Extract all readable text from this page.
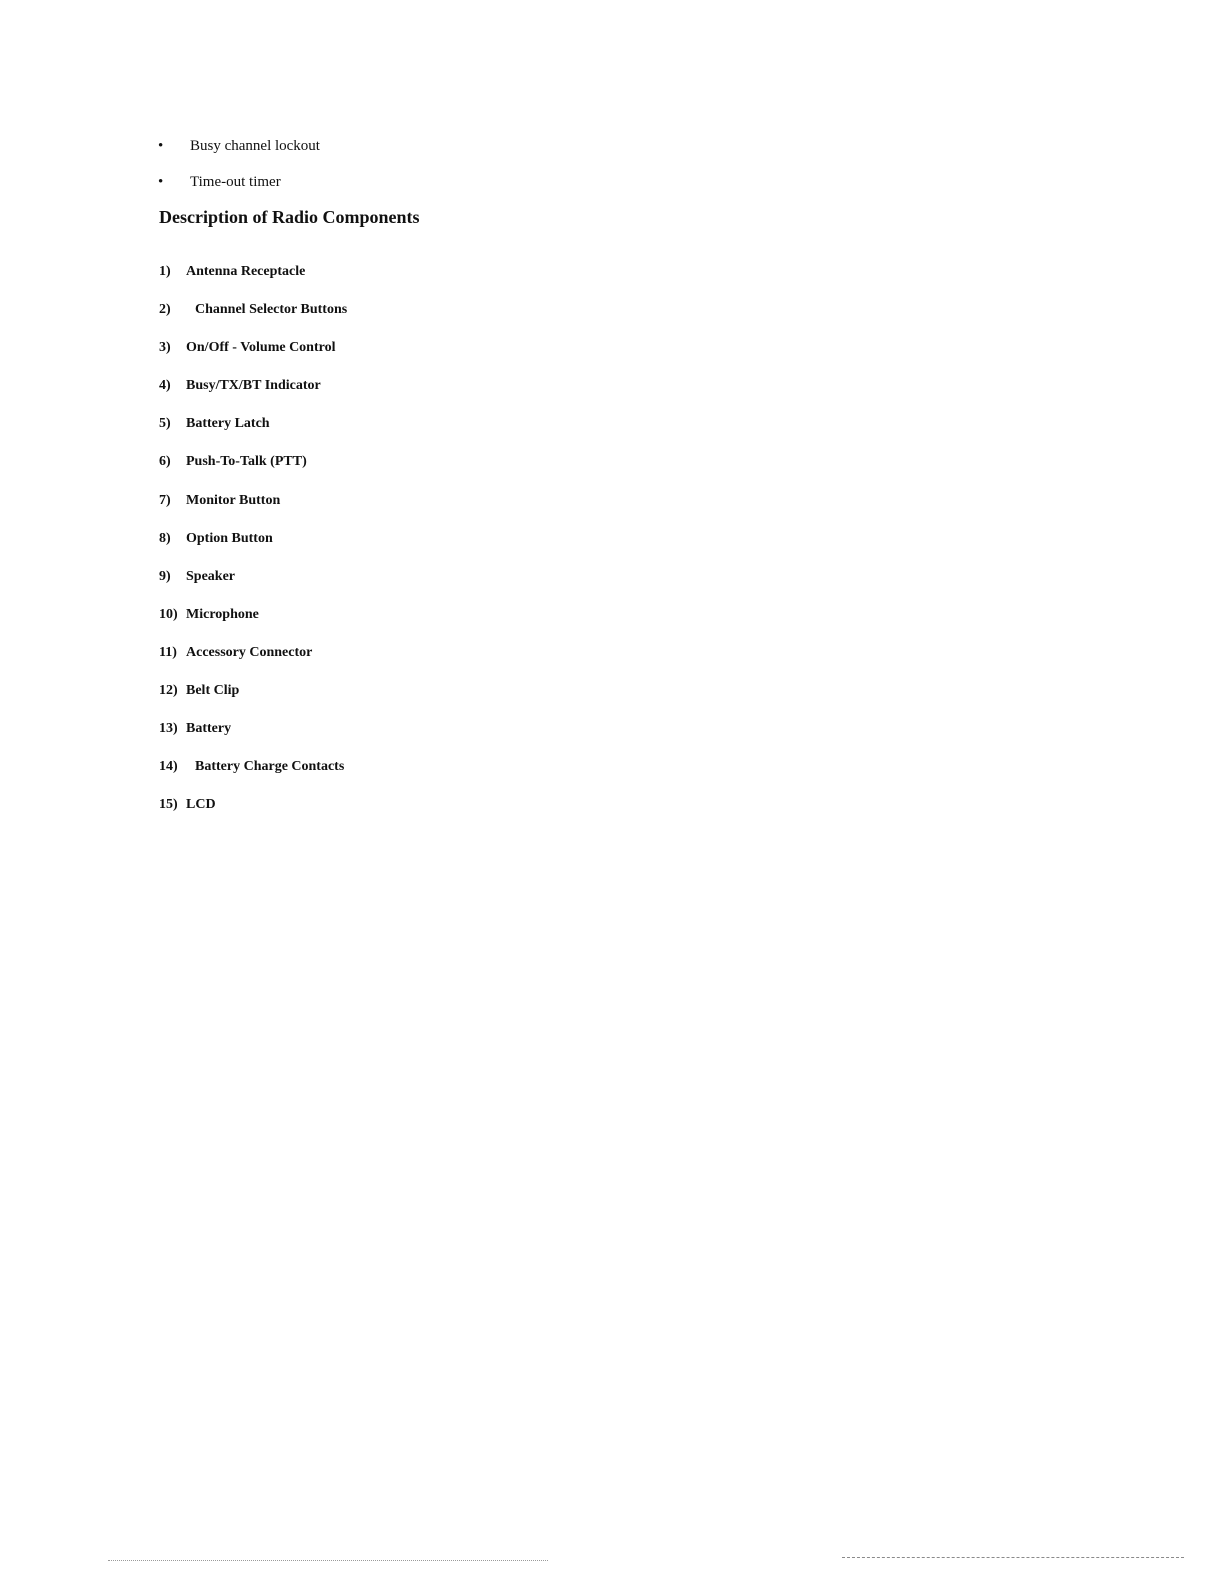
• Busy channel lockout
• Time-out timer
Description of Radio Components
1) Antenna Receptacle
2) Channel Selector Buttons
3) On/Off - Volume Control
4) Busy/TX/BT Indicator
5) Battery Latch
6) Push-To-Talk (PTT)
7) Monitor Button
8) Option Button
9) Speaker
10) Microphone
11) Accessory Connector
12) Belt Clip
13) Battery
14) Battery Charge Contacts
15) LCD
